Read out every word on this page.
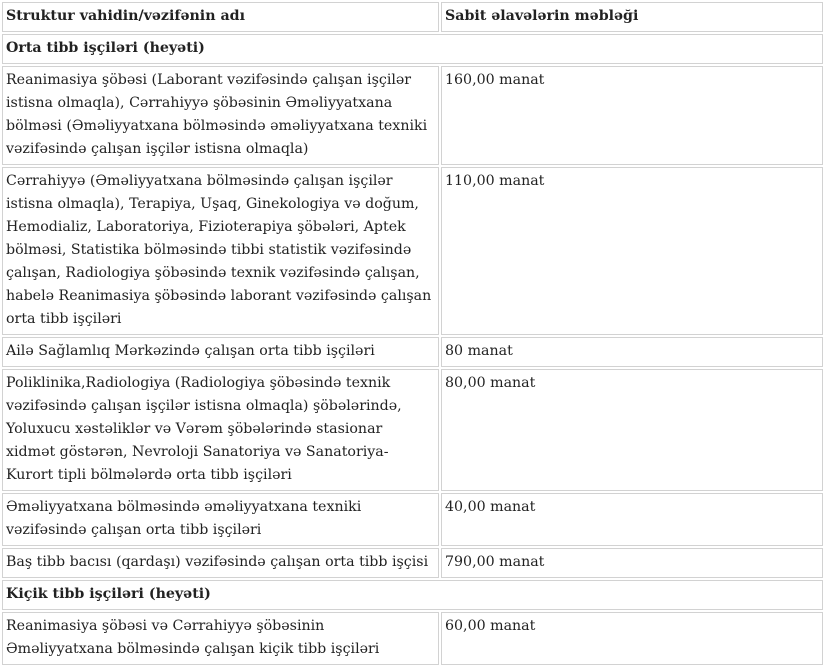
Struktur vahidin/vəzifənin adı	Sabit əlavələrin məbləği
Orta tibb işçiləri (heyəti)	
Reanimasiya şöbəsi (Laborant vəzifəsində çalışan işçilər istisna olmaqla), Cərrahiyyə şöbəsinin Əməliyyatxana bölməsi (Əməliyyatxana bölməsində əməliyyatxana texniki vəzifəsində çalışan işçilər istisna olmaqla)	160,00 manat
Cərrahiyyə (Əməliyyatxana bölməsində çalışan işçilər istisna olmaqla), Terapiya, Uşaq, Ginekologiya və doğum, Hemodializ, Laboratoriya, Fizioterapiya şöbələri, Aptek bölməsi, Statistika bölməsində tibbi statistik vəzifəsində çalışan, Radiologiya şöbəsində texnik vəzifəsində çalışan, habelə Reanimasiya şöbəsində laborant vəzifəsində çalışan orta tibb işçiləri	110,00 manat
Ailə Sağlamlıq Mərkəzində çalışan orta tibb işçiləri	80 manat
Poliklinika,Radiologiya (Radiologiya şöbəsində texnik vəzifəsində çalışan işçilər istisna olmaqla) şöbələrində, Yoluxucu xəstəliklər və Vərəm şöbələrində stasionar xidmət göstərən, Nevroloji Sanatoriya və Sanatoriya-Kurort tipli bölmələrdə orta tibb işçiləri	80,00 manat
Əməliyyatxana bölməsində əməliyyatxana texniki vəzifəsində çalışan orta tibb işçiləri	40,00 manat
Baş tibb bacısı (qardaşı) vəzifəsində çalışan orta tibb işçisi	790,00 manat
Kiçik tibb işçiləri (heyəti)	
Reanimasiya şöbəsi və Cərrahiyyə şöbəsinin Əməliyyatxana bölməsində çalışan kiçik tibb işçiləri	60,00 manat
